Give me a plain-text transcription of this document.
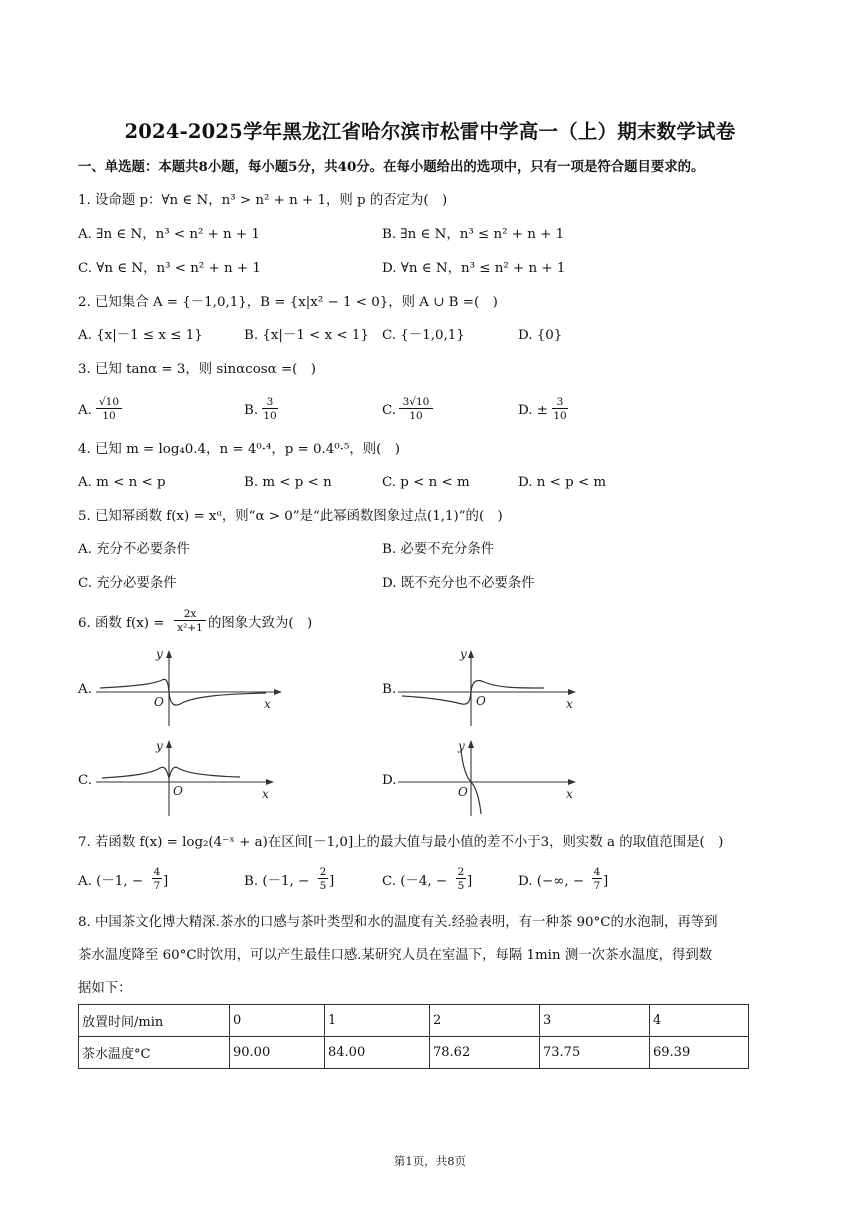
2024-2025学年黑龙江省哈尔滨市松雷中学高一（上）期末数学试卷
一、单选题：本题共8小题，每小题5分，共40分。在每小题给出的选项中，只有一项是符合题目要求的。
1. 设命题 p：∀n ∈ N，n³ > n² + n + 1，则 p 的否定为(　)
A. ∃n ∈ N，n³ < n² + n + 1	B. ∃n ∈ N，n³ ≤ n² + n + 1
C. ∀n ∈ N，n³ < n² + n + 1	D. ∀n ∈ N，n³ ≤ n² + n + 1
2. 已知集合 A = {－1,0,1}，B = {x|x² − 1 < 0}，则 A ∪ B =(　)
A. {x|－1 ≤ x ≤ 1}	B. {x|－1 < x < 1} C. {－1,0,1}	D. {0}
3. 已知 tanα = 3，则 sinαcosα =(　)
A.
√10
10	B.
3
10	C.
3√10
10	D. ±
3
10
4. 已知 m = log₄0.4，n = 4⁰·⁴，p = 0.4⁰·⁵，则(　)
A. m < n < p	B. m < p < n	C. p < n < m	D. n < p < m
5. 已知幂函数 f(x) = xᵅ，则“α > 0”是“此幂函数图象过点(1,1)”的(　)
A. 充分不必要条件	B. 必要不充分条件
C. 充分必要条件	D. 既不充分也不必要条件
6. 函数 f(x) =
2x
x²+1 的图象大致为(　)
A.
y
x
O
B.
y
x
O
C.
y
x
O
D.
y
x
O
7. 若函数 f(x) = log₂(4⁻ˣ + a)在区间[－1,0]上的最大值与最小值的差不小于3，则实数 a 的取值范围是(　)
A. (－1, −
4
7 ]	B. (－1, −
2
5 ]	C. (－4, −
2
5 ]	D. (−∞, −
4
7 ]
8. 中国茶文化博大精深.茶水的口感与茶叶类型和水的温度有关.经验表明，有一种茶 90°C的水泡制，再等到
茶水温度降至 60°C时饮用，可以产生最佳口感.某研究人员在室温下，每隔 1min 测一次茶水温度，得到数
据如下：
放置时间/min	0	1	2	3	4
茶水温度°C	90.00	84.00	78.62	73.75	69.39
第1页，共8页
